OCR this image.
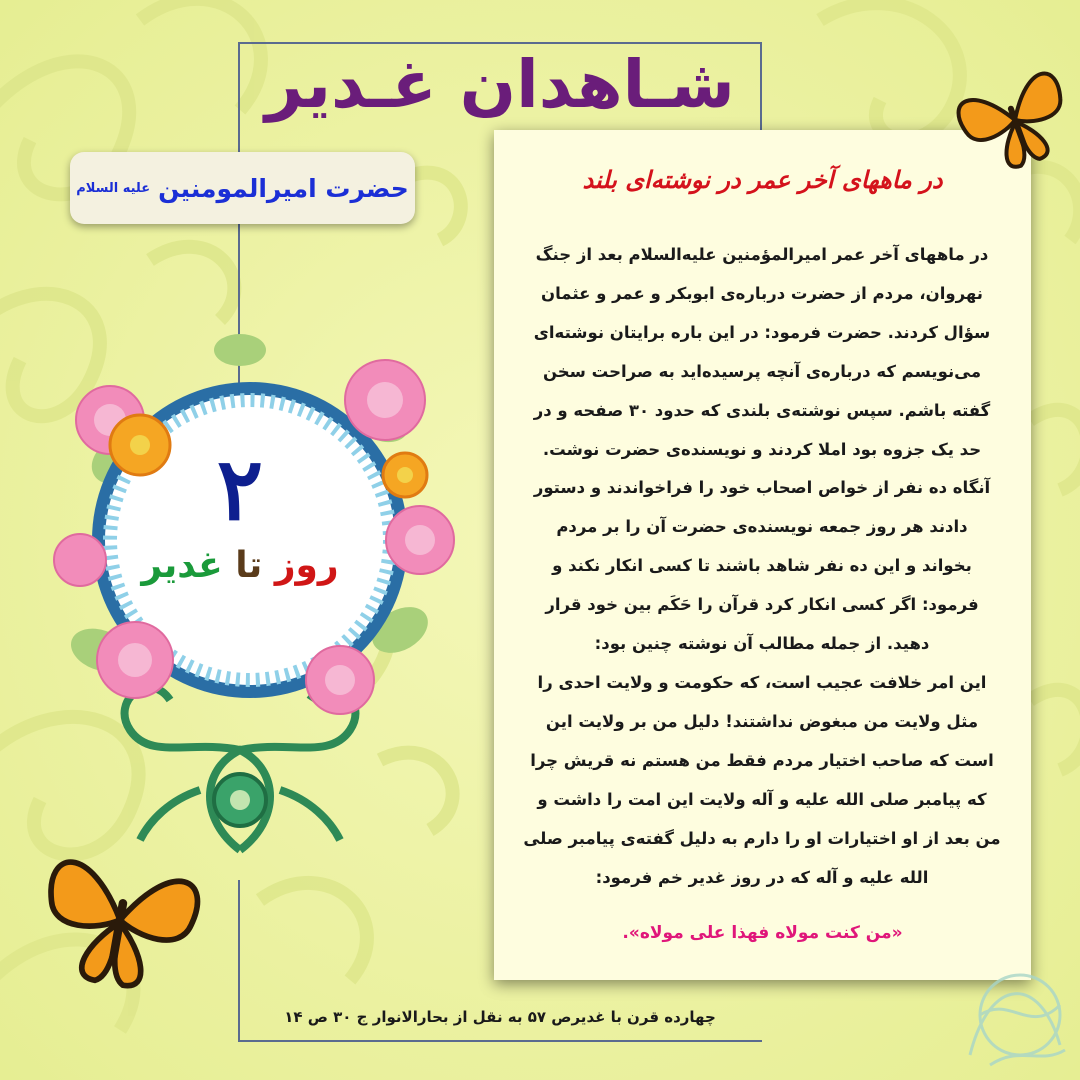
شـاهدان غـدیر
حضرت امیرالمومنین
علیه السلام	در ماههای آخر عمر در نوشته‌ای بلند

در ماههای آخر عمر امیرالمؤمنین علیه‌السلام بعد از جنگ

نهروان، مردم از حضرت درباره‌ی ابوبکر و عمر و عثمان

سؤال کردند. حضرت فرمود: در این باره برایتان نوشته‌ای

می‌نویسم که درباره‌ی آنچه پرسیده‌اید به صراحت سخن

گفته باشم. سپس نوشته‌ی بلندی که حدود ۳۰ صفحه و در

حد یک جزوه بود املا کردند و نویسنده‌ی حضرت نوشت.

آنگاه ده نفر از خواص اصحاب خود را فراخواندند و دستور

دادند هر روز جمعه نویسنده‌ی حضرت آن را بر مردم

بخواند و این ده نفر شاهد باشند تا کسی انکار نکند و

فرمود: اگر کسی انکار کرد قرآن را حَکَم بین خود قرار

دهید. از جمله مطالب آن نوشته چنین بود:

این امر خلافت عجیب است، که حکومت و ولایت احدی را

مثل ولایت من مبغوض نداشتند! دلیل من بر ولایت این

است که صاحب اختیار مردم فقط من هستم نه قریش چرا

که پیامبر صلی الله علیه و آله ولایت این امت را داشت و

من بعد از او اختیارات او را دارم به دلیل گفته‌ی پیامبر صلی

الله علیه و آله که در روز غدیر خم فرمود:

«من کنت مولاه فهذا علی مولاه».
چهارده قرن با غدیرص ۵۷ به نقل از بحارالانوار ج ۳۰ ص ۱۴
۲
روز تا غدیر
